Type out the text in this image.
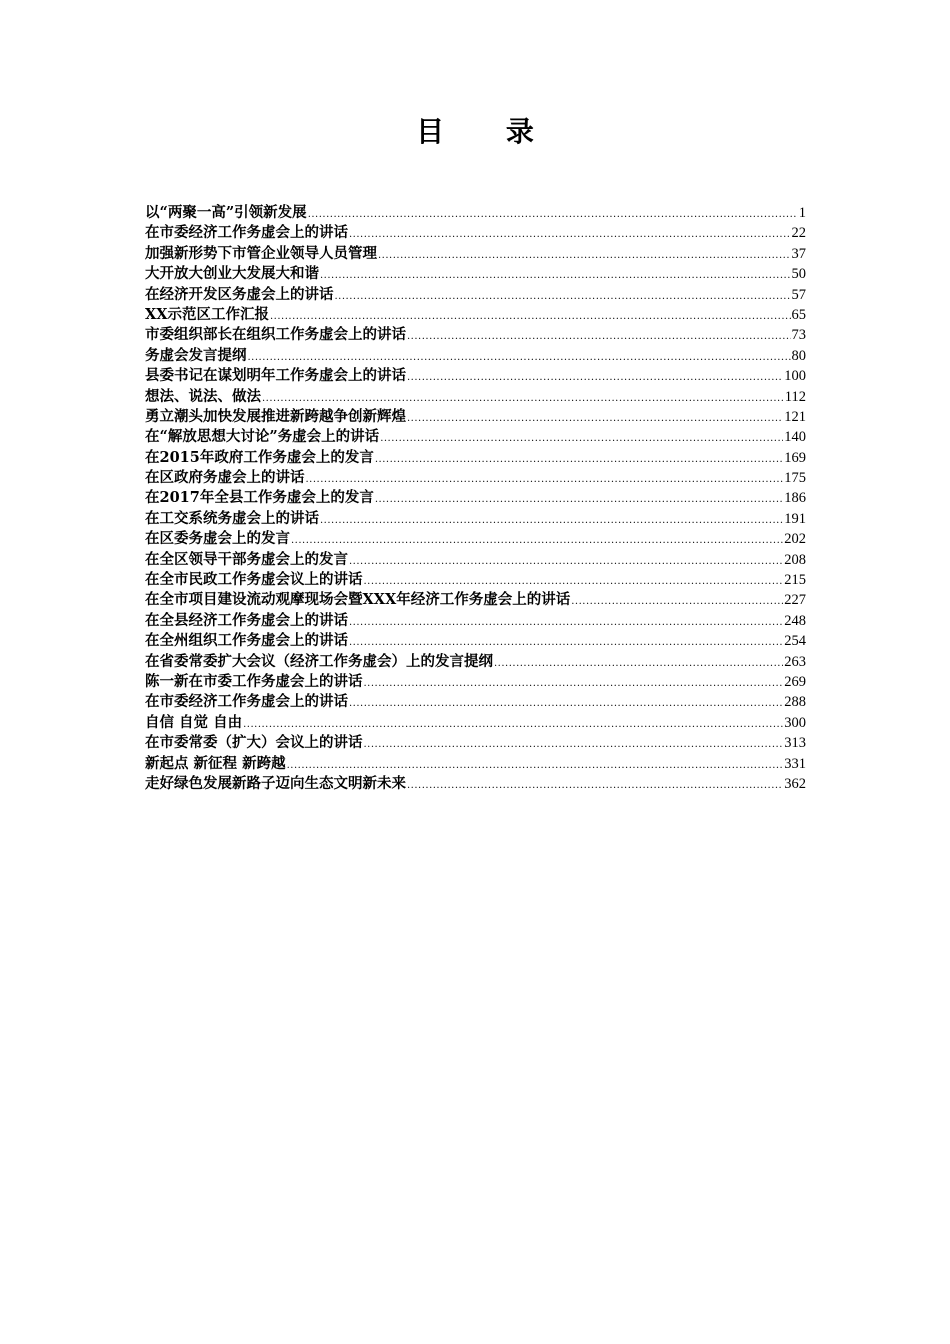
目 录
以“两聚一高”引领新发展 .....	1
在市委经济工作务虚会上的讲话 .....	22
加强新形势下市管企业领导人员管理 .....	37
大开放大创业大发展大和谐 .....	50
在经济开发区务虚会上的讲话 .....	57
XX示范区工作汇报 .....	65
市委组织部长在组织工作务虚会上的讲话 .....	73
务虚会发言提纲 .....	80
县委书记在谋划明年工作务虚会上的讲话 .....	100
想法、说法、做法 .....	112
勇立潮头加快发展推进新跨越争创新辉煌 .....	121
在“解放思想大讨论”务虚会上的讲话 .....	140
在2015年政府工作务虚会上的发言 .....	169
在区政府务虚会上的讲话 .....	175
在2017年全县工作务虚会上的发言 .....	186
在工交系统务虚会上的讲话 .....	191
在区委务虚会上的发言 .....	202
在全区领导干部务虚会上的发言 .....	208
在全市民政工作务虚会议上的讲话 .....	215
在全市项目建设流动观摩现场会暨XXX年经济工作务虚会上的讲话 .....	227
在全县经济工作务虚会上的讲话 .....	248
在全州组织工作务虚会上的讲话 .....	254
在省委常委扩大会议（经济工作务虚会）上的发言提纲 .....	263
陈一新在市委工作务虚会上的讲话 .....	269
在市委经济工作务虚会上的讲话 .....	288
自信 自觉 自由 .....	300
在市委常委（扩大）会议上的讲话 .....	313
新起点 新征程 新跨越 .....	331
走好绿色发展新路子迈向生态文明新未来 .....	362
